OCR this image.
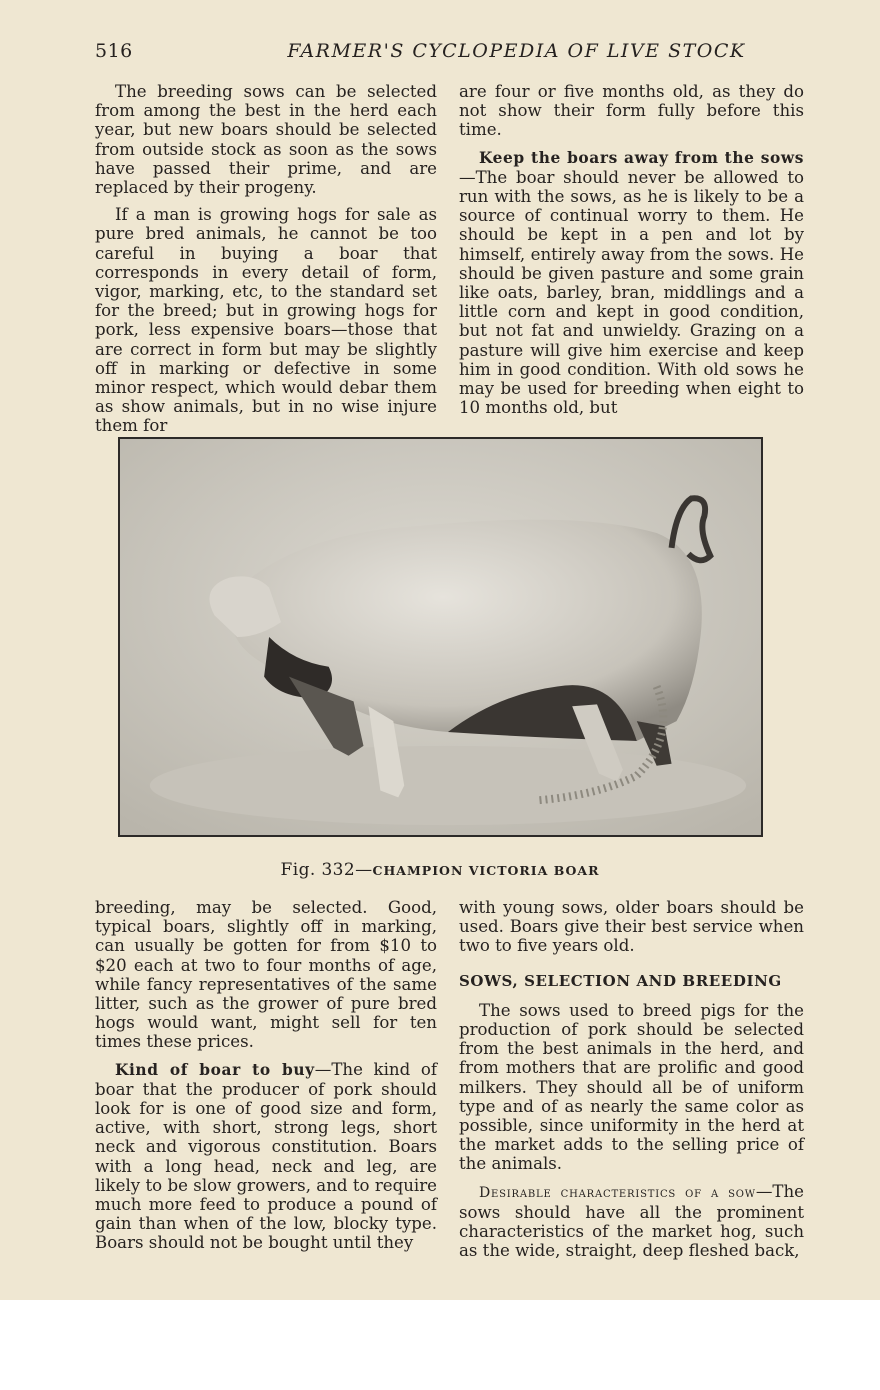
516	FARMER'S CYCLOPEDIA OF LIVE STOCK

The breeding sows can be selected from among the best in the herd each year, but new boars should be selected from outside stock as soon as the sows have passed their prime, and are replaced by their progeny.

If a man is growing hogs for sale as pure bred animals, he cannot be too careful in buying a boar that corresponds in every detail of form, vigor, marking, etc, to the standard set for the breed; but in growing hogs for pork, less expensive boars—those that are correct in form but may be slightly off in marking or defective in some minor respect, which would debar them as show animals, but in no wise injure them for

are four or five months old, as they do not show their form fully before this time.

Keep the boars away from the sows—The boar should never be allowed to run with the sows, as he is likely to be a source of continual worry to them. He should be kept in a pen and lot by himself, entirely away from the sows. He should be given pasture and some grain like oats, barley, bran, middlings and a little corn and kept in good condition, but not fat and unwieldy. Grazing on a pasture will give him exercise and keep him in good condition. With old sows he may be used for breeding when eight to 10 months old, but

Fig. 332—CHAMPION VICTORIA BOAR

breeding, may be selected. Good, typical boars, slightly off in marking, can usually be gotten for from $10 to $20 each at two to four months of age, while fancy representatives of the same litter, such as the grower of pure bred hogs would want, might sell for ten times these prices.

Kind of boar to buy—The kind of boar that the producer of pork should look for is one of good size and form, active, with short, strong legs, short neck and vigorous constitution. Boars with a long head, neck and leg, are likely to be slow growers, and to require much more feed to produce a pound of gain than when of the low, blocky type. Boars should not be bought until they

with young sows, older boars should be used. Boars give their best service when two to five years old.

SOWS, SELECTION AND BREEDING

The sows used to breed pigs for the production of pork should be selected from the best animals in the herd, and from mothers that are prolific and good milkers. They should all be of uniform type and of as nearly the same color as possible, since uniformity in the herd at the market adds to the selling price of the animals.

Desirable characteristics of a sow—The sows should have all the prominent characteristics of the market hog, such as the wide, straight, deep fleshed back,
